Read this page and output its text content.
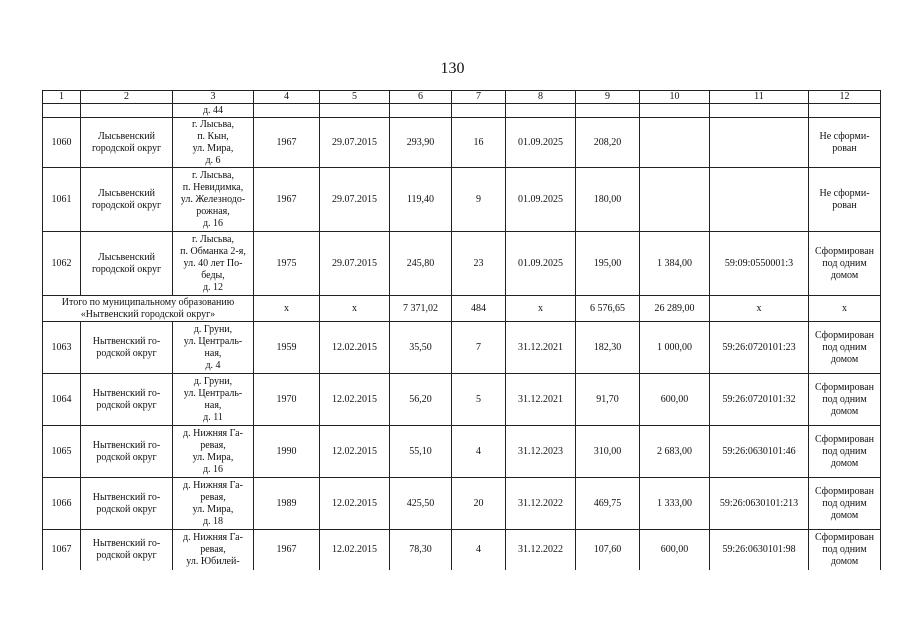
130
1	2	3	4	5	6	7	8	9	10	11	12
		д. 44									
1060	Лысьвенский
городской округ	г. Лысьва,
п. Кын,
ул. Мира,
д. 6	1967	29.07.2015	293,90	16	01.09.2025	208,20			Не сформи-
рован
1061	Лысьвенский
городской округ	г. Лысьва,
п. Невидимка,
ул. Железнодо-
рожная,
д. 16	1967	29.07.2015	119,40	9	01.09.2025	180,00			Не сформи-
рован
1062	Лысьвенский
городской округ	г. Лысьва,
п. Обманка 2-я,
ул. 40 лет По-
беды,
д. 12	1975	29.07.2015	245,80	23	01.09.2025	195,00	1 384,00	59:09:0550001:3	Сформирован
под одним
домом
Итого по муниципальному образованию
«Нытвенский городской округ»			х	х	7 371,02	484	х	6 576,65	26 289,00	х	х
1063	Нытвенский го-
родской округ	д. Груни,
ул. Централь-
ная,
д. 4	1959	12.02.2015	35,50	7	31.12.2021	182,30	1 000,00	59:26:0720101:23	Сформирован
под одним
домом
1064	Нытвенский го-
родской округ	д. Груни,
ул. Централь-
ная,
д. 11	1970	12.02.2015	56,20	5	31.12.2021	91,70	600,00	59:26:0720101:32	Сформирован
под одним
домом
1065	Нытвенский го-
родской округ	д. Нижняя Га-
ревая,
ул. Мира,
д. 16	1990	12.02.2015	55,10	4	31.12.2023	310,00	2 683,00	59:26:0630101:46	Сформирован
под одним
домом
1066	Нытвенский го-
родской округ	д. Нижняя Га-
ревая,
ул. Мира,
д. 18	1989	12.02.2015	425,50	20	31.12.2022	469,75	1 333,00	59:26:0630101:213	Сформирован
под одним
домом
1067	Нытвенский го-
родской округ	д. Нижняя Га-
ревая,
ул. Юбилей-	1967	12.02.2015	78,30	4	31.12.2022	107,60	600,00	59:26:0630101:98	Сформирован
под одним
домом
